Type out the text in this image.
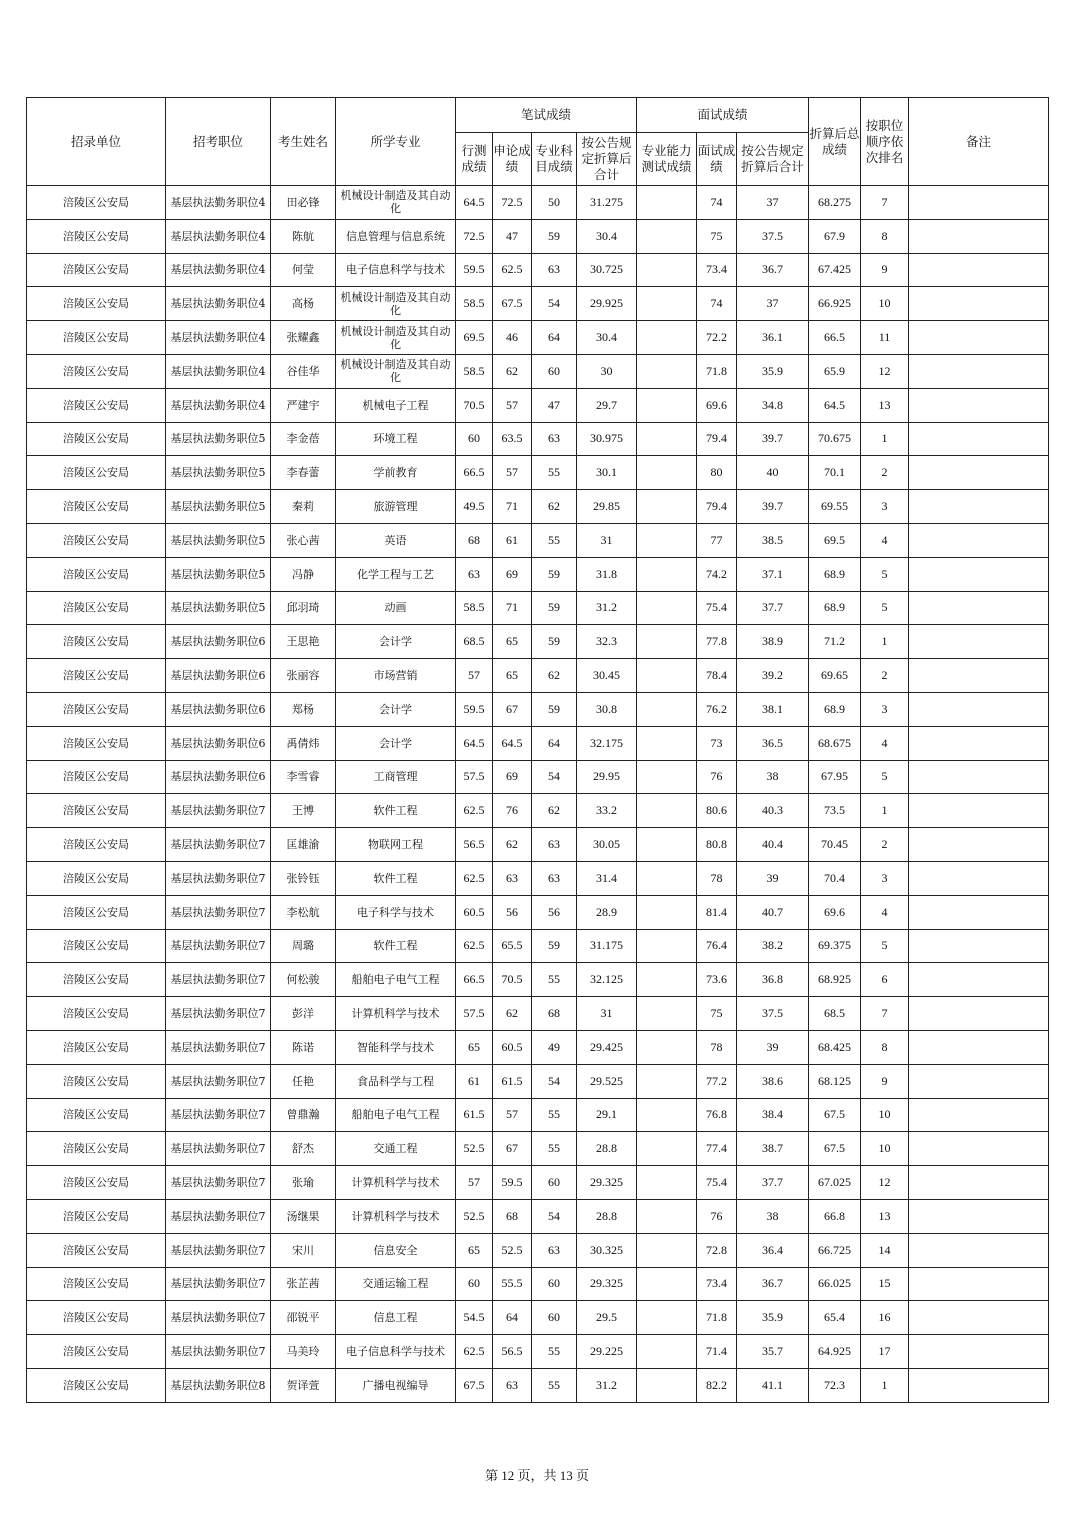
招录单位	招考职位	考生姓名	所学专业	笔试成绩				面试成绩			折算后总成绩	按职位顺序依次排名	备注
				行测成绩	申论成绩	专业科目成绩	按公告规定折算后合计	专业能力测试成绩	面试成绩	按公告规定折算后合计			
涪陵区公安局	基层执法勤务职位4	田必锋	机械设计制造及其自动化	64.5	72.5	50	31.275		74	37	68.275	7	
涪陵区公安局	基层执法勤务职位4	陈航	信息管理与信息系统	72.5	47	59	30.4		75	37.5	67.9	8	
涪陵区公安局	基层执法勤务职位4	何莹	电子信息科学与技术	59.5	62.5	63	30.725		73.4	36.7	67.425	9	
涪陵区公安局	基层执法勤务职位4	高杨	机械设计制造及其自动化	58.5	67.5	54	29.925		74	37	66.925	10	
涪陵区公安局	基层执法勤务职位4	张耀鑫	机械设计制造及其自动化	69.5	46	64	30.4		72.2	36.1	66.5	11	
涪陵区公安局	基层执法勤务职位4	谷佳华	机械设计制造及其自动化	58.5	62	60	30		71.8	35.9	65.9	12	
涪陵区公安局	基层执法勤务职位4	严建宇	机械电子工程	70.5	57	47	29.7		69.6	34.8	64.5	13	
涪陵区公安局	基层执法勤务职位5	李金蓓	环境工程	60	63.5	63	30.975		79.4	39.7	70.675	1	
涪陵区公安局	基层执法勤务职位5	李春蕾	学前教育	66.5	57	55	30.1		80	40	70.1	2	
涪陵区公安局	基层执法勤务职位5	秦莉	旅游管理	49.5	71	62	29.85		79.4	39.7	69.55	3	
涪陵区公安局	基层执法勤务职位5	张心茜	英语	68	61	55	31		77	38.5	69.5	4	
涪陵区公安局	基层执法勤务职位5	冯静	化学工程与工艺	63	69	59	31.8		74.2	37.1	68.9	5	
涪陵区公安局	基层执法勤务职位5	邱羽琦	动画	58.5	71	59	31.2		75.4	37.7	68.9	5	
涪陵区公安局	基层执法勤务职位6	王思艳	会计学	68.5	65	59	32.3		77.8	38.9	71.2	1	
涪陵区公安局	基层执法勤务职位6	张丽容	市场营销	57	65	62	30.45		78.4	39.2	69.65	2	
涪陵区公安局	基层执法勤务职位6	郑杨	会计学	59.5	67	59	30.8		76.2	38.1	68.9	3	
涪陵区公安局	基层执法勤务职位6	禹倩炜	会计学	64.5	64.5	64	32.175		73	36.5	68.675	4	
涪陵区公安局	基层执法勤务职位6	李雪睿	工商管理	57.5	69	54	29.95		76	38	67.95	5	
涪陵区公安局	基层执法勤务职位7	王博	软件工程	62.5	76	62	33.2		80.6	40.3	73.5	1	
涪陵区公安局	基层执法勤务职位7	匡雄渝	物联网工程	56.5	62	63	30.05		80.8	40.4	70.45	2	
涪陵区公安局	基层执法勤务职位7	张铃钰	软件工程	62.5	63	63	31.4		78	39	70.4	3	
涪陵区公安局	基层执法勤务职位7	李松航	电子科学与技术	60.5	56	56	28.9		81.4	40.7	69.6	4	
涪陵区公安局	基层执法勤务职位7	周璐	软件工程	62.5	65.5	59	31.175		76.4	38.2	69.375	5	
涪陵区公安局	基层执法勤务职位7	何松骏	船舶电子电气工程	66.5	70.5	55	32.125		73.6	36.8	68.925	6	
涪陵区公安局	基层执法勤务职位7	彭洋	计算机科学与技术	57.5	62	68	31		75	37.5	68.5	7	
涪陵区公安局	基层执法勤务职位7	陈诺	智能科学与技术	65	60.5	49	29.425		78	39	68.425	8	
涪陵区公安局	基层执法勤务职位7	任艳	食品科学与工程	61	61.5	54	29.525		77.2	38.6	68.125	9	
涪陵区公安局	基层执法勤务职位7	曾鼎瀚	船舶电子电气工程	61.5	57	55	29.1		76.8	38.4	67.5	10	
涪陵区公安局	基层执法勤务职位7	舒杰	交通工程	52.5	67	55	28.8		77.4	38.7	67.5	10	
涪陵区公安局	基层执法勤务职位7	张瑜	计算机科学与技术	57	59.5	60	29.325		75.4	37.7	67.025	12	
涪陵区公安局	基层执法勤务职位7	汤继果	计算机科学与技术	52.5	68	54	28.8		76	38	66.8	13	
涪陵区公安局	基层执法勤务职位7	宋川	信息安全	65	52.5	63	30.325		72.8	36.4	66.725	14	
涪陵区公安局	基层执法勤务职位7	张芷茜	交通运输工程	60	55.5	60	29.325		73.4	36.7	66.025	15	
涪陵区公安局	基层执法勤务职位7	邵锐平	信息工程	54.5	64	60	29.5		71.8	35.9	65.4	16	
涪陵区公安局	基层执法勤务职位7	马美玲	电子信息科学与技术	62.5	56.5	55	29.225		71.4	35.7	64.925	17	
涪陵区公安局	基层执法勤务职位8	贺译萱	广播电视编导	67.5	63	55	31.2		82.2	41.1	72.3	1	
第 12 页，共 13 页
